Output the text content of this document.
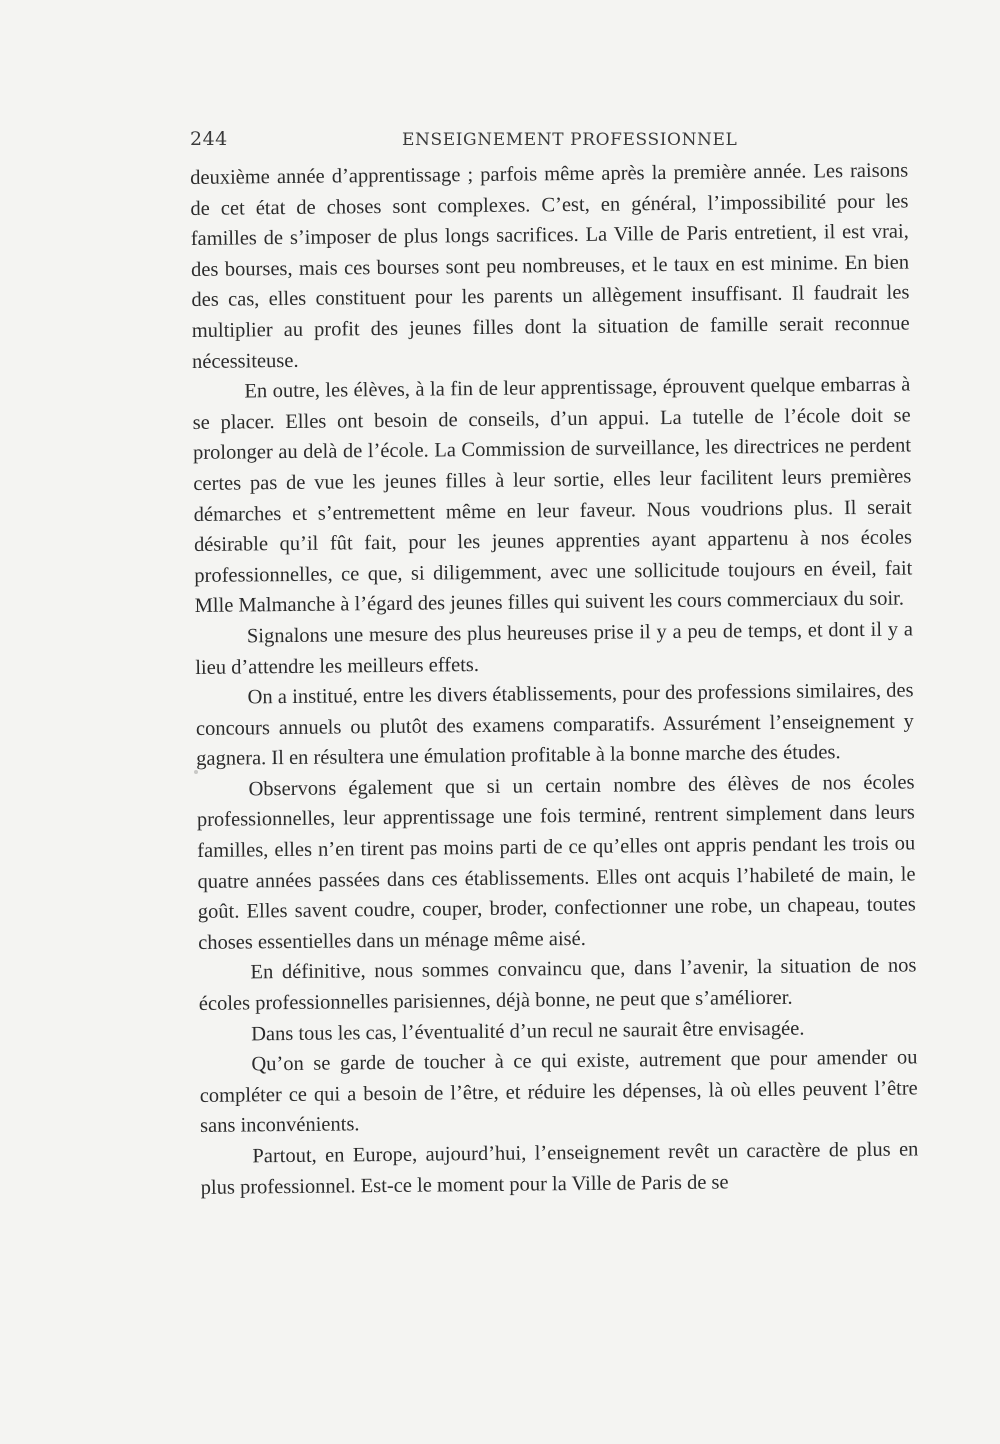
244	ENSEIGNEMENT PROFESSIONNEL

deuxième année d’apprentissage ; parfois même après la première année. Les raisons de cet état de choses sont complexes. C’est, en général, l’impossibilité pour les familles de s’imposer de plus longs sacrifices. La Ville de Paris entretient, il est vrai, des bourses, mais ces bourses sont peu nombreuses, et le taux en est minime. En bien des cas, elles constituent pour les parents un allègement insuffisant. Il faudrait les multiplier au profit des jeunes filles dont la situation de famille serait reconnue nécessiteuse.

En outre, les élèves, à la fin de leur apprentissage, éprouvent quelque embarras à se placer. Elles ont besoin de conseils, d’un appui. La tutelle de l’école doit se prolonger au delà de l’école. La Commission de surveillance, les directrices ne perdent certes pas de vue les jeunes filles à leur sortie, elles leur facilitent leurs premières démarches et s’entremettent même en leur faveur. Nous voudrions plus. Il serait désirable qu’il fût fait, pour les jeunes apprenties ayant appartenu à nos écoles professionnelles, ce que, si diligemment, avec une sollicitude toujours en éveil, fait Mlle Malmanche à l’égard des jeunes filles qui suivent les cours commerciaux du soir.

Signalons une mesure des plus heureuses prise il y a peu de temps, et dont il y a lieu d’attendre les meilleurs effets.

On a institué, entre les divers établissements, pour des professions similaires, des concours annuels ou plutôt des examens comparatifs. Assurément l’enseignement y gagnera. Il en résultera une émulation profitable à la bonne marche des études.

Observons également que si un certain nombre des élèves de nos écoles professionnelles, leur apprentissage une fois terminé, rentrent simplement dans leurs familles, elles n’en tirent pas moins parti de ce qu’elles ont appris pendant les trois ou quatre années passées dans ces établissements. Elles ont acquis l’habileté de main, le goût. Elles savent coudre, couper, broder, confectionner une robe, un chapeau, toutes choses essentielles dans un ménage même aisé.

En définitive, nous sommes convaincu que, dans l’avenir, la situation de nos écoles professionnelles parisiennes, déjà bonne, ne peut que s’améliorer.

Dans tous les cas, l’éventualité d’un recul ne saurait être envisagée.

Qu’on se garde de toucher à ce qui existe, autrement que pour amender ou compléter ce qui a besoin de l’être, et réduire les dépenses, là où elles peuvent l’être sans inconvénients.

Partout, en Europe, aujourd’hui, l’enseignement revêt un caractère de plus en plus professionnel. Est-ce le moment pour la Ville de Paris de se
